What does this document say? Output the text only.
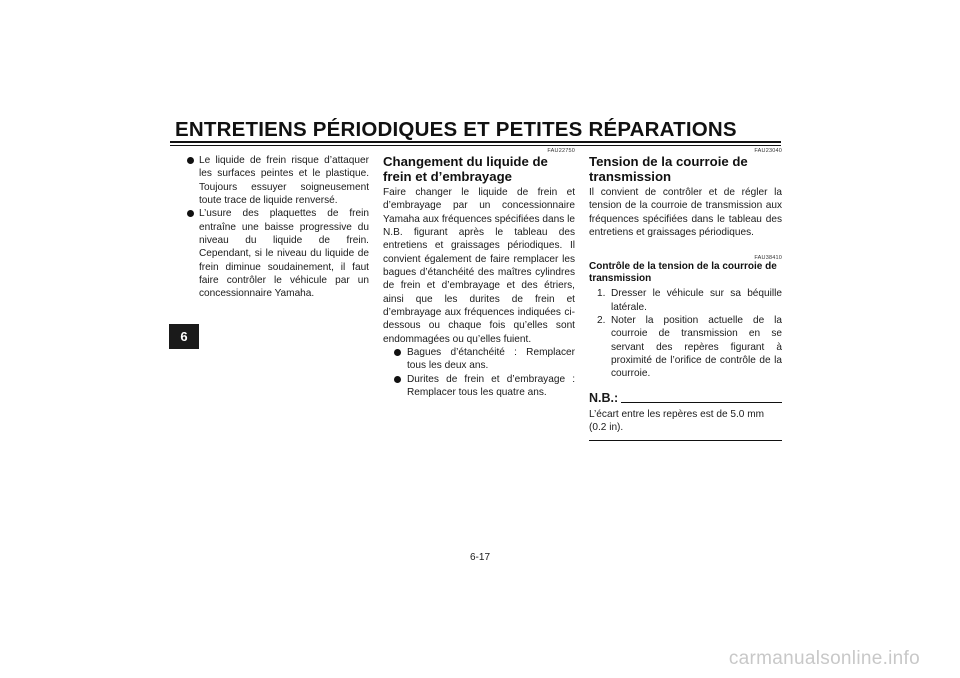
ENTRETIENS PÉRIODIQUES ET PETITES RÉPARATIONS
6

Le liquide de frein risque d’attaquer les surfaces peintes et le plastique. Toujours essuyer soigneusement toute trace de liquide renversé.

L’usure des plaquettes de frein entraîne une baisse progressive du niveau du liquide de frein. Cependant, si le niveau du liquide de frein diminue soudainement, il faut faire contrôler le véhicule par un concessionnaire Yamaha.

FAU22750
Changement du liquide de frein et d’embrayage

Faire changer le liquide de frein et d’embrayage par un concessionnaire Yamaha aux fréquences spécifiées dans le N.B. figurant après le tableau des entretiens et graissages périodiques. Il convient également de faire remplacer les bagues d’étanchéité des maîtres cylindres de frein et d’embrayage et des étriers, ainsi que les durites de frein et d’embrayage aux fréquences indiquées ci-dessous ou chaque fois qu’elles sont endommagées ou qu’elles fuient.

Bagues d’étanchéité : Remplacer tous les deux ans.

Durites de frein et d’embrayage : Remplacer tous les quatre ans.

FAU23040
Tension de la courroie de transmission

Il convient de contrôler et de régler la tension de la courroie de transmission aux fréquences spécifiées dans le tableau des entretiens et graissages périodiques.

FAU38410
Contrôle de la tension de la courroie de transmission

1. Dresser le véhicule sur sa béquille latérale.

2. Noter la position actuelle de la courroie de transmission en se servant des repères figurant à proximité de l’orifice de contrôle de la courroie.

N.B.:

L’écart entre les repères est de 5.0 mm (0.2 in).

6-17
carmanualsonline.info
